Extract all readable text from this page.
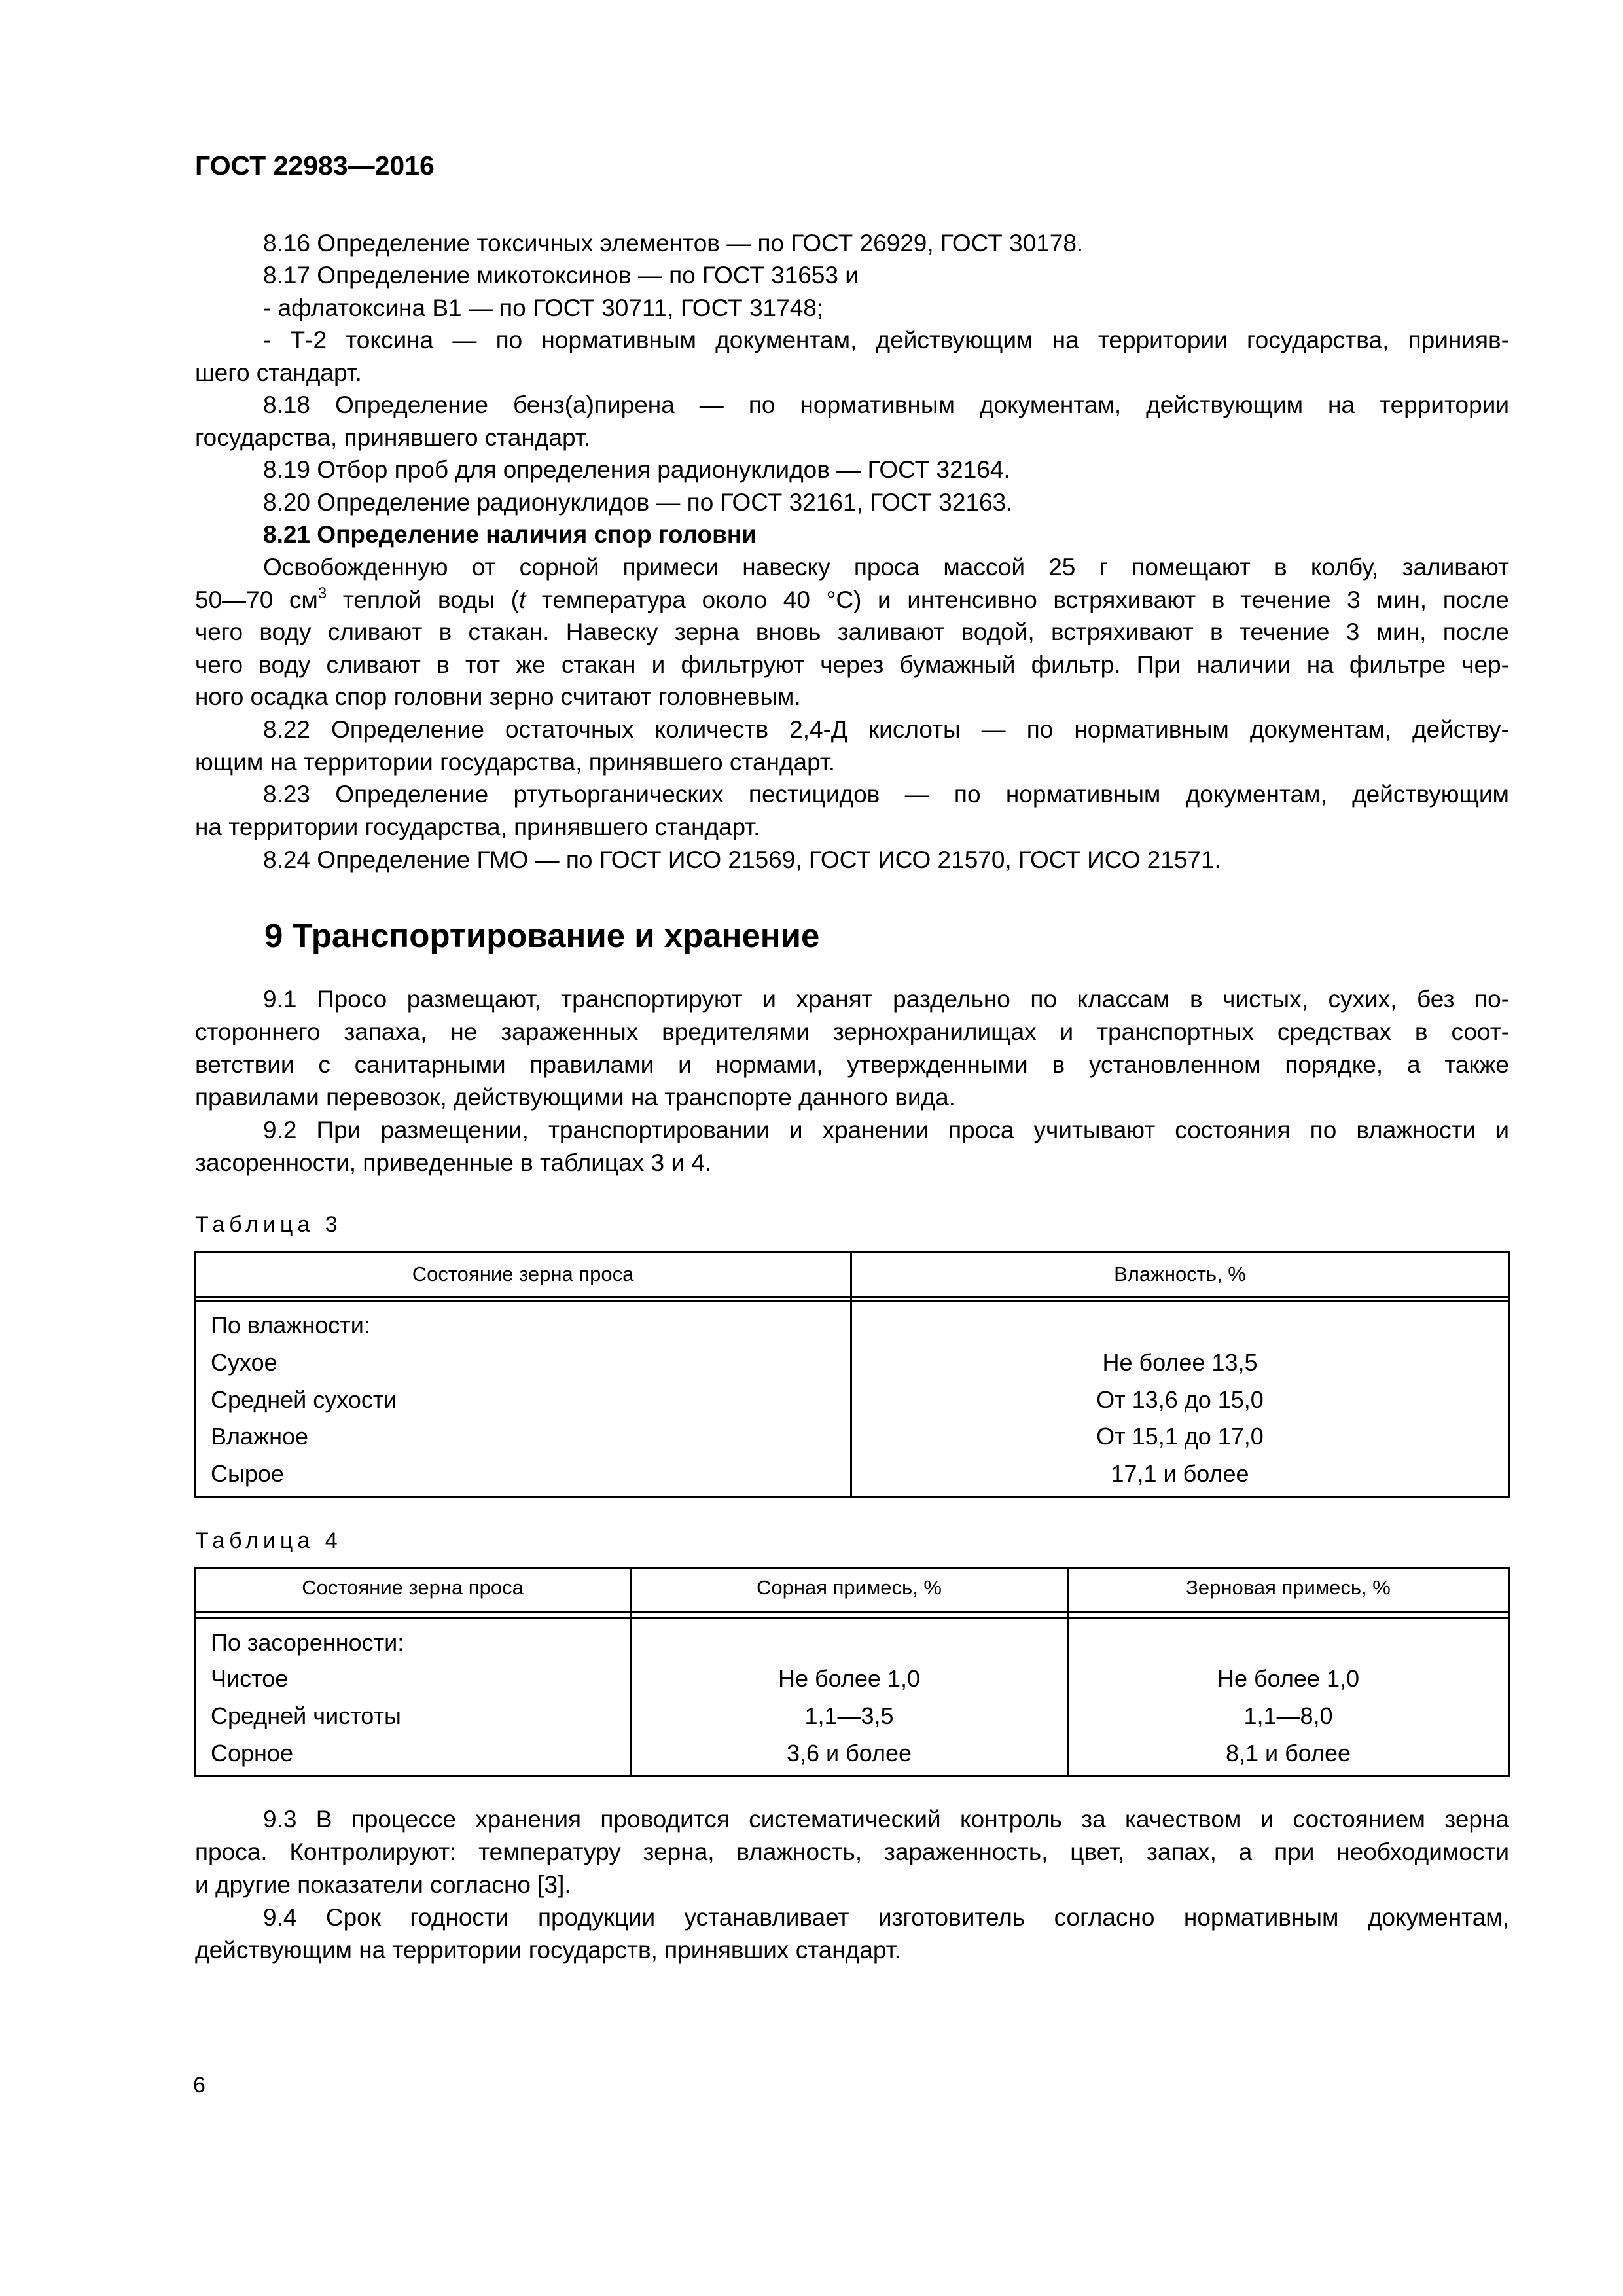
ГОСТ 22983—2016
8.16 Определение токсичных элементов — по ГОСТ 26929, ГОСТ 30178.
8.17 Определение микотоксинов — по ГОСТ 31653 и
- афлатоксина В1 — по ГОСТ 30711, ГОСТ 31748;
- Т-2 токсина — по нормативным документам, действующим на территории государства, принияв-
шего стандарт.
8.18 Определение бенз(а)пирена — по нормативным документам, действующим на территории
государства, принявшего стандарт.
8.19 Отбор проб для определения радионуклидов — ГОСТ 32164.
8.20 Определение радионуклидов — по ГОСТ 32161, ГОСТ 32163.
8.21 Определение наличия спор головни
Освобожденную от сорной примеси навеску проса массой 25 г помещают в колбу, заливают
50—70 $см^3$ теплой воды (t температура около 40 °С) и интенсивно встряхивают в течение 3 мин, после
чего воду сливают в стакан. Навеску зерна вновь заливают водой, встряхивают в течение 3 мин, после
чего воду сливают в тот же стакан и фильтруют через бумажный фильтр. При наличии на фильтре чер-
ного осадка спор головни зерно считают головневым.
8.22 Определение остаточных количеств 2,4-Д кислоты — по нормативным документам, действу-
ющим на территории государства, принявшего стандарт.
8.23 Определение ртутьорганических пестицидов — по нормативным документам, действующим
на территории государства, принявшего стандарт.
8.24 Определение ГМО — по ГОСТ ИСО 21569, ГОСТ ИСО 21570, ГОСТ ИСО 21571.
9 Транспортирование и хранение
9.1 Просо размещают, транспортируют и хранят раздельно по классам в чистых, сухих, без по-
стороннего запаха, не зараженных вредителями зернохранилищах и транспортных средствах в соот-
ветствии с санитарными правилами и нормами, утвержденными в установленном порядке, а также
правилами перевозок, действующими на транспорте данного вида.
9.2 При размещении, транспортировании и хранении проса учитывают состояния по влажности и
засоренности, приведенные в таблицах 3 и 4.
9.3 В процессе хранения проводится систематический контроль за качеством и состоянием зерна
проса. Контролируют: температуру зерна, влажность, зараженность, цвет, запах, а при необходимости
и другие показатели согласно [3].
9.4 Срок годности продукции устанавливает изготовитель согласно нормативным документам,
действующим на территории государств, принявших стандарт.
Таблица 3
Состояние зерна проса	Влажность, %
По влажности:
Сухое	Не более 13,5
Средней сухости	От 13,6 до 15,0
Влажное	От 15,1 до 17,0
Сырое	17,1 и более
Таблица 4
Состояние зерна проса	Сорная примесь, %	Зерновая примесь, %
По засоренности:
Чистое	Не более 1,0	Не более 1,0
Средней чистоты	1,1—3,5	1,1—8,0
Сорное	3,6 и более	8,1 и более
6
